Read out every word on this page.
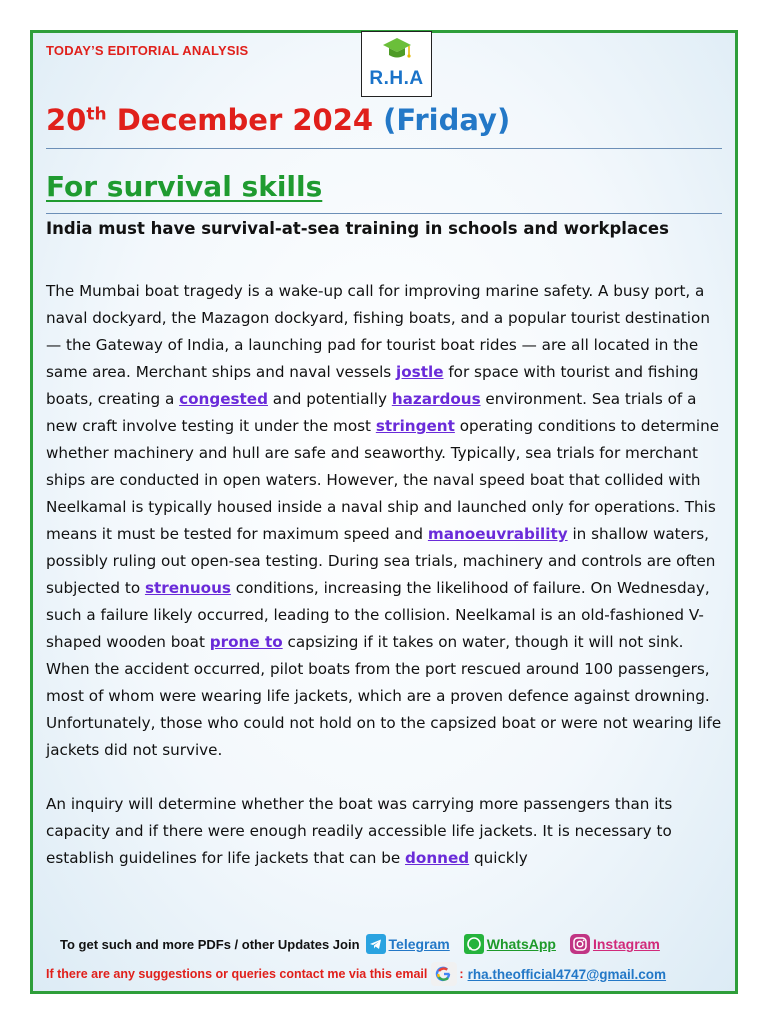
TODAY’S EDITORIAL ANALYSIS
R.H.A
20th December 2024 (Friday)
For survival skills
India must have survival-at-sea training in schools and workplaces

The Mumbai boat tragedy is a wake-up call for improving marine safety. A busy port, a naval dockyard, the Mazagon dockyard, fishing boats, and a popular tourist destination — the Gateway of India, a launching pad for tourist boat rides — are all located in the same area. Merchant ships and naval vessels jostle for space with tourist and fishing boats, creating a congested and potentially hazardous environment. Sea trials of a new craft involve testing it under the most stringent operating conditions to determine whether machinery and hull are safe and seaworthy. Typically, sea trials for merchant ships are conducted in open waters. However, the naval speed boat that collided with Neelkamal is typically housed inside a naval ship and launched only for operations. This means it must be tested for maximum speed and manoeuvrability in shallow waters, possibly ruling out open-sea testing. During sea trials, machinery and controls are often subjected to strenuous conditions, increasing the likelihood of failure. On Wednesday, such a failure likely occurred, leading to the collision. Neelkamal is an old-fashioned V-shaped wooden boat prone to capsizing if it takes on water, though it will not sink. When the accident occurred, pilot boats from the port rescued around 100 passengers, most of whom were wearing life jackets, which are a proven defence against drowning. Unfortunately, those who could not hold on to the capsized boat or were not wearing life jackets did not survive.

An inquiry will determine whether the boat was carrying more passengers than its capacity and if there were enough readily accessible life jackets. It is necessary to establish guidelines for life jackets that can be donned quickly

To get such and more PDFs / other Updates Join Telegram	WhatsApp	Instagram
If there are any suggestions or queries contact me via this email	: rha.theofficial4747@gmail.com
